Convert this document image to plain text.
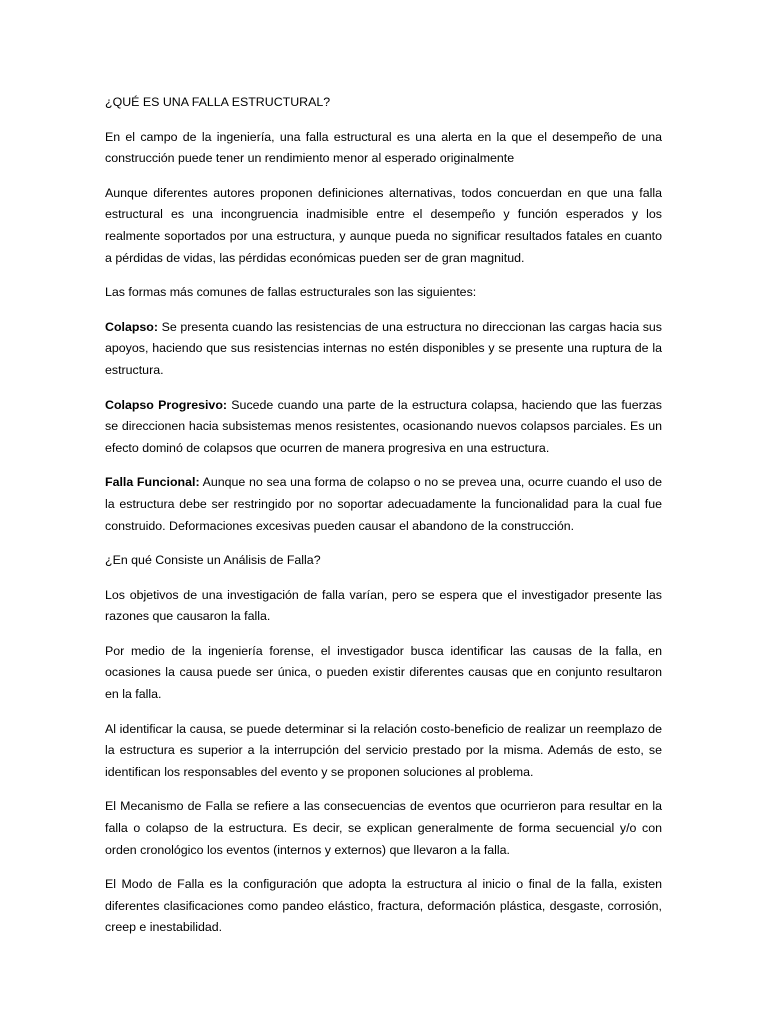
¿QUÉ ES UNA FALLA ESTRUCTURAL?

En el campo de la ingeniería, una falla estructural es una alerta en la que el desempeño de una construcción puede tener un rendimiento menor al esperado originalmente

Aunque diferentes autores proponen definiciones alternativas, todos concuerdan en que una falla estructural es una incongruencia inadmisible entre el desempeño y función esperados y los realmente soportados por una estructura, y aunque pueda no significar resultados fatales en cuanto a pérdidas de vidas, las pérdidas económicas pueden ser de gran magnitud.

Las formas más comunes de fallas estructurales son las siguientes:

Colapso: Se presenta cuando las resistencias de una estructura no direccionan las cargas hacia sus apoyos, haciendo que sus resistencias internas no estén disponibles y se presente una ruptura de la estructura.

Colapso Progresivo: Sucede cuando una parte de la estructura colapsa, haciendo que las fuerzas se direccionen hacia subsistemas menos resistentes, ocasionando nuevos colapsos parciales. Es un efecto dominó de colapsos que ocurren de manera progresiva en una estructura.

Falla Funcional: Aunque no sea una forma de colapso o no se prevea una, ocurre cuando el uso de la estructura debe ser restringido por no soportar adecuadamente la funcionalidad para la cual fue construido. Deformaciones excesivas pueden causar el abandono de la construcción.

¿En qué Consiste un Análisis de Falla?

Los objetivos de una investigación de falla varían, pero se espera que el investigador presente las razones que causaron la falla.

Por medio de la ingeniería forense, el investigador busca identificar las causas de la falla, en ocasiones la causa puede ser única, o pueden existir diferentes causas que en conjunto resultaron en la falla.

Al identificar la causa, se puede determinar si la relación costo-beneficio de realizar un reemplazo de la estructura es superior a la interrupción del servicio prestado por la misma. Además de esto, se identifican los responsables del evento y se proponen soluciones al problema.

El Mecanismo de Falla se refiere a las consecuencias de eventos que ocurrieron para resultar en la falla o colapso de la estructura. Es decir, se explican generalmente de forma secuencial y/o con orden cronológico los eventos (internos y externos) que llevaron a la falla.

El Modo de Falla es la configuración que adopta la estructura al inicio o final de la falla, existen diferentes clasificaciones como pandeo elástico, fractura, deformación plástica, desgaste, corrosión, creep e inestabilidad.
